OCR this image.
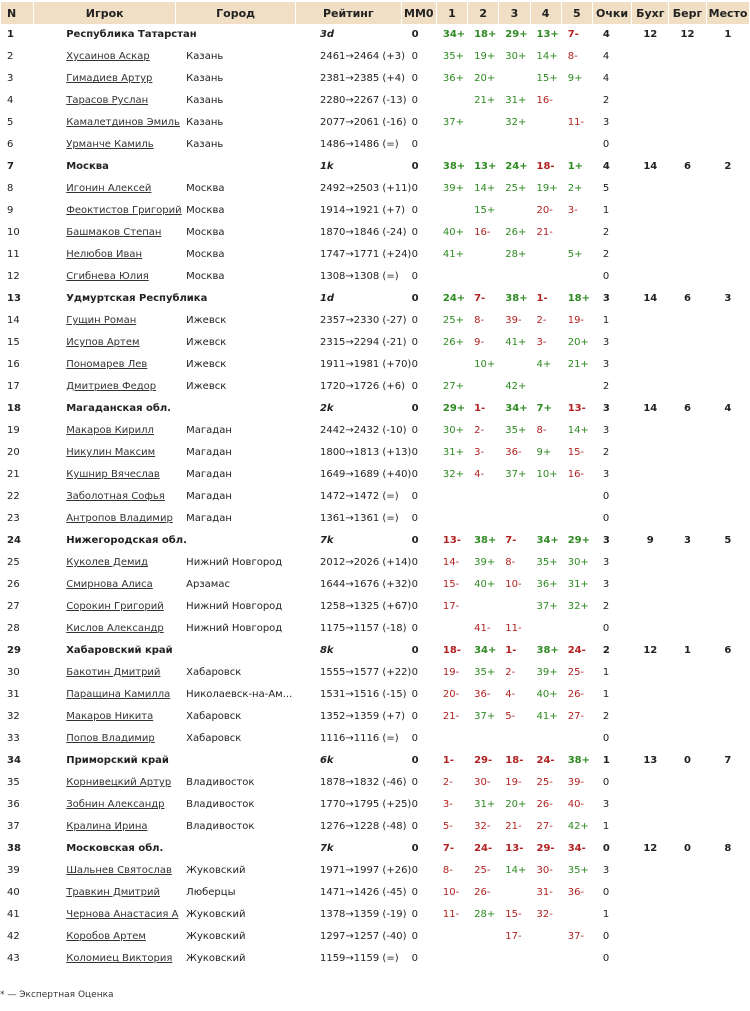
N	Игрок	Город	Рейтинг	ММ0	1	2	3	4	5	Очки	Бухг	Берг	Место
1	Республика Татарстан		3d	0	34+	18+	29+	13+	7-	4	12	12	1
2	Хусаинов Аскар	Казань	2461→2464 (+3)	0	35+	19+	30+	14+	8-	4			
3	Гимадиев Артур	Казань	2381→2385 (+4)	0	36+	20+		15+	9+	4			
4	Тарасов Руслан	Казань	2280→2267 (-13)	0		21+	31+	16-		2			
5	Камалетдинов Эмиль	Казань	2077→2061 (-16)	0	37+		32+		11-	3			
6	Урманче Камиль	Казань	1486→1486 (=)	0						0			
7	Москва		1k	0	38+	13+	24+	18-	1+	4	14	6	2
8	Игонин Алексей	Москва	2492→2503 (+11)	0	39+	14+	25+	19+	2+	5			
9	Феоктистов Григорий	Москва	1914→1921 (+7)	0		15+		20-	3-	1			
10	Башмаков Степан	Москва	1870→1846 (-24)	0	40+	16-	26+	21-		2			
11	Нелюбов Иван	Москва	1747→1771 (+24)	0	41+		28+		5+	2			
12	Сгибнева Юлия	Москва	1308→1308 (=)	0						0			
13	Удмуртская Республика		1d	0	24+	7-	38+	1-	18+	3	14	6	3
14	Гущин Роман	Ижевск	2357→2330 (-27)	0	25+	8-	39-	2-	19-	1			
15	Исупов Артем	Ижевск	2315→2294 (-21)	0	26+	9-	41+	3-	20+	3			
16	Пономарев Лев	Ижевск	1911→1981 (+70)	0		10+		4+	21+	3			
17	Дмитриев Федор	Ижевск	1720→1726 (+6)	0	27+		42+			2			
18	Магаданская обл.		2k	0	29+	1-	34+	7+	13-	3	14	6	4
19	Макаров Кирилл	Магадан	2442→2432 (-10)	0	30+	2-	35+	8-	14+	3			
20	Никулин Максим	Магадан	1800→1813 (+13)	0	31+	3-	36-	9+	15-	2			
21	Кушнир Вячеслав	Магадан	1649→1689 (+40)	0	32+	4-	37+	10+	16-	3			
22	Заболотная Софья	Магадан	1472→1472 (=)	0						0			
23	Антропов Владимир	Магадан	1361→1361 (=)	0						0			
24	Нижегородская обл.		7k	0	13-	38+	7-	34+	29+	3	9	3	5
25	Куколев Демид	Нижний Новгород	2012→2026 (+14)	0	14-	39+	8-	35+	30+	3			
26	Смирнова Алиса	Арзамас	1644→1676 (+32)	0	15-	40+	10-	36+	31+	3			
27	Сорокин Григорий	Нижний Новгород	1258→1325 (+67)	0	17-			37+	32+	2			
28	Кислов Александр	Нижний Новгород	1175→1157 (-18)	0		41-	11-			0			
29	Хабаровский край		8k	0	18-	34+	1-	38+	24-	2	12	1	6
30	Бакотин Дмитрий	Хабаровск	1555→1577 (+22)	0	19-	35+	2-	39+	25-	1			
31	Паращина Камилла	Николаевск-на-Ам...	1531→1516 (-15)	0	20-	36-	4-	40+	26-	1			
32	Макаров Никита	Хабаровск	1352→1359 (+7)	0	21-	37+	5-	41+	27-	2			
33	Попов Владимир	Хабаровск	1116→1116 (=)	0						0			
34	Приморский край		6k	0	1-	29-	18-	24-	38+	1	13	0	7
35	Корнивецкий Артур	Владивосток	1878→1832 (-46)	0	2-	30-	19-	25-	39-	0			
36	Зобнин Александр	Владивосток	1770→1795 (+25)	0	3-	31+	20+	26-	40-	3			
37	Кралина Ирина	Владивосток	1276→1228 (-48)	0	5-	32-	21-	27-	42+	1			
38	Московская обл.		7k	0	7-	24-	13-	29-	34-	0	12	0	8
39	Шальнев Святослав	Жуковский	1971→1997 (+26)	0	8-	25-	14+	30-	35+	3			
40	Травкин Дмитрий	Люберцы	1471→1426 (-45)	0	10-	26-		31-	36-	0			
41	Чернова Анастасия А	Жуковский	1378→1359 (-19)	0	11-	28+	15-	32-		1			
42	Коробов Артем	Жуковский	1297→1257 (-40)	0			17-		37-	0			
43	Коломиец Виктория	Жуковский	1159→1159 (=)	0						0			
* — Экспертная Оценка
